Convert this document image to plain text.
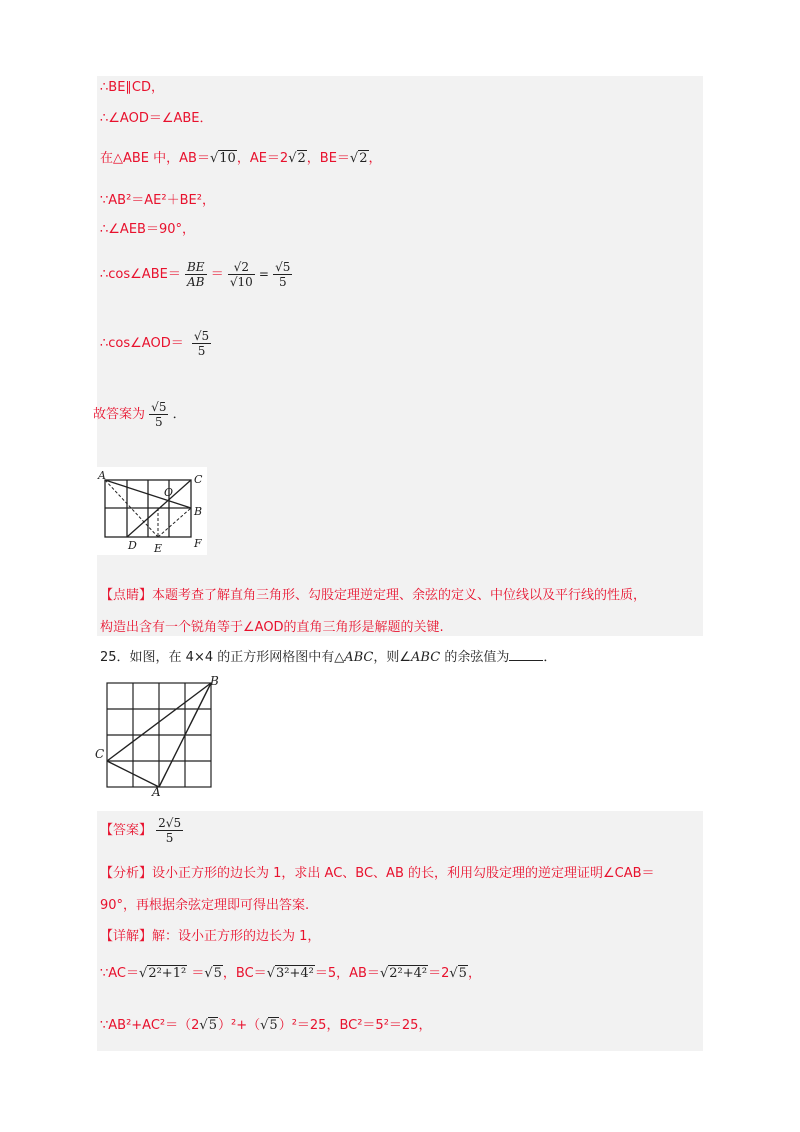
∴BE∥CD，
∴∠AOD＝∠ABE．
在△ABE 中，AB＝√10，AE＝2√2，BE＝√2，
∵AB²＝AE²＋BE²，
∴∠AEB＝90°，
∴cos∠ABE＝ $\frac{BE}{AB} = \frac{√2}{√10} = \frac{√5}{5}$
∴cos∠AOD＝ $\frac{√5}{5}$
故答案为 $\frac{√5}{5}$ ．
A	C
O
B
D E	F
【点睛】本题考查了解直角三角形、勾股定理逆定理、余弦的定义、中位线以及平行线的性质，
构造出含有一个锐角等于∠AOD的直角三角形是解题的关键.
25．如图，在 4×4 的正方形网格图中有△ABC，则∠ABC 的余弦值为	．
B
C
A
【答案】 $\frac{2√5}{5}$
【分析】设小正方形的边长为 1，求出 AC、BC、AB 的长，利用勾股定理的逆定理证明∠CAB＝
90°，再根据余弦定理即可得出答案.
【详解】解：设小正方形的边长为 1，
∵AC＝√2²+1² ＝√5，BC＝√3²+4²＝5，AB＝√2²+4²＝2√5，
∵AB²+AC²＝（2√5）²+（√5）²＝25，BC²＝5²＝25，
